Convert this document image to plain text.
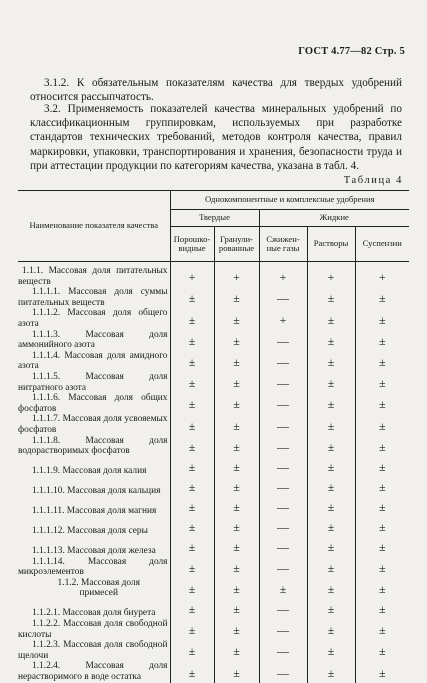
ГОСТ 4.77—82 Стр. 5
3.1.2. К обязательным показателям качества для твердых удобрений относится рассыпчатость.
3.2. Применяемость показателей качества минеральных удобрений по классификационным группировкам, используемых при разработке стандартов технических требований, методов контроля качества, правил маркировки, упаковки, транспортирования и хранения, безопасности труда и при аттестации продукции по категориям качества, указана в табл. 4.
Таблица 4
Наименование показателя качества	Однокомпонентные и комплексные удобрения				
	Твердые		Жидкие		
	Порошко-видные	Гранули-рованные	Сжижен-ные газы	Растворы	Суспензии
1.1.1. Массовая доля питательных веществ	+	+	+	+	+
1.1.1.1. Массовая доля суммы питательных веществ	±	±	—	±	±
1.1.1.2. Массовая доля общего азота	±	±	+	±	±
1.1.1.3. Массовая доля аммонийного азота	±	±	—	±	±
1.1.1.4. Массовая доля амидного азота	±	±	—	±	±
1.1.1.5. Массовая доля нитратного азота	±	±	—	±	±
1.1.1.6. Массовая доля общих фосфатов	±	±	—	±	±
1.1.1.7. Массовая доля усвояемых фосфатов	±	±	—	±	±
1.1.1.8. Массовая доля водорастворимых фосфатов	±	±	—	±	±
1.1.1.9. Массовая доля калия	±	±	—	±	±
1.1.1.10. Массовая доля кальция	±	±	—	±	±
1.1.1.11. Массовая доля магния	±	±	—	±	±
1.1.1.12. Массовая доля серы	±	±	—	±	±
1.1.1.13. Массовая доля железа	±	±	—	±	±
1.1.1.14. Массовая доля микроэлементов	±	±	—	±	±
1.1.2. Массовая доля примесей	±	±	±	±	±
1.1.2.1. Массовая доля биурета	±	±	—	±	±
1.1.2.2. Массовая доля свободной кислоты	±	±	—	±	±
1.1.2.3. Массовая доля свободной щелочи	±	±	—	±	±
1.1.2.4. Массовая доля нерастворимого в воде остатка	±	±	—	±	±
